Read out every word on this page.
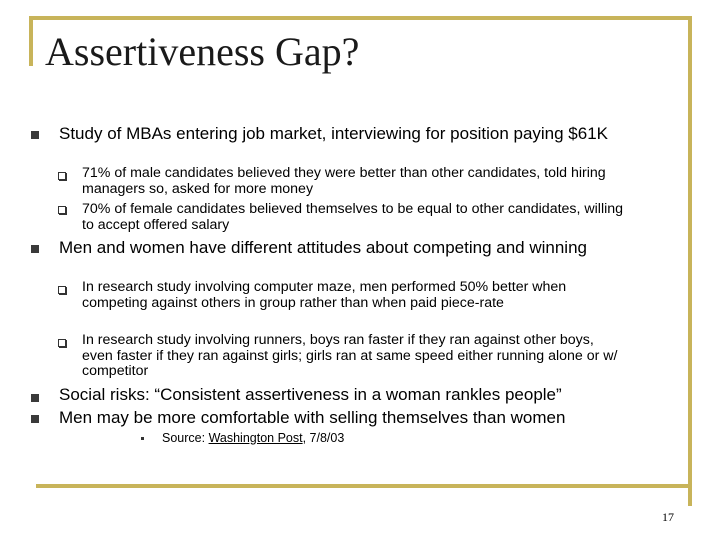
Assertiveness Gap?
Study of MBAs entering job market, interviewing for position paying $61K
71% of male candidates believed they were better than other candidates, told hiring managers so, asked for more money
70% of female candidates believed themselves to be equal to other candidates, willing to accept offered salary
Men and women have different attitudes about competing and winning
In research study involving computer maze, men performed 50% better when competing against others in group rather than when paid piece-rate
In research study involving runners, boys ran faster if they ran against other boys, even faster if they ran against girls; girls ran at same speed either running alone or w/ competitor
Social risks: “Consistent assertiveness in a woman rankles people”
Men may be more comfortable with selling themselves than women
Source: Washington Post, 7/8/03
17
